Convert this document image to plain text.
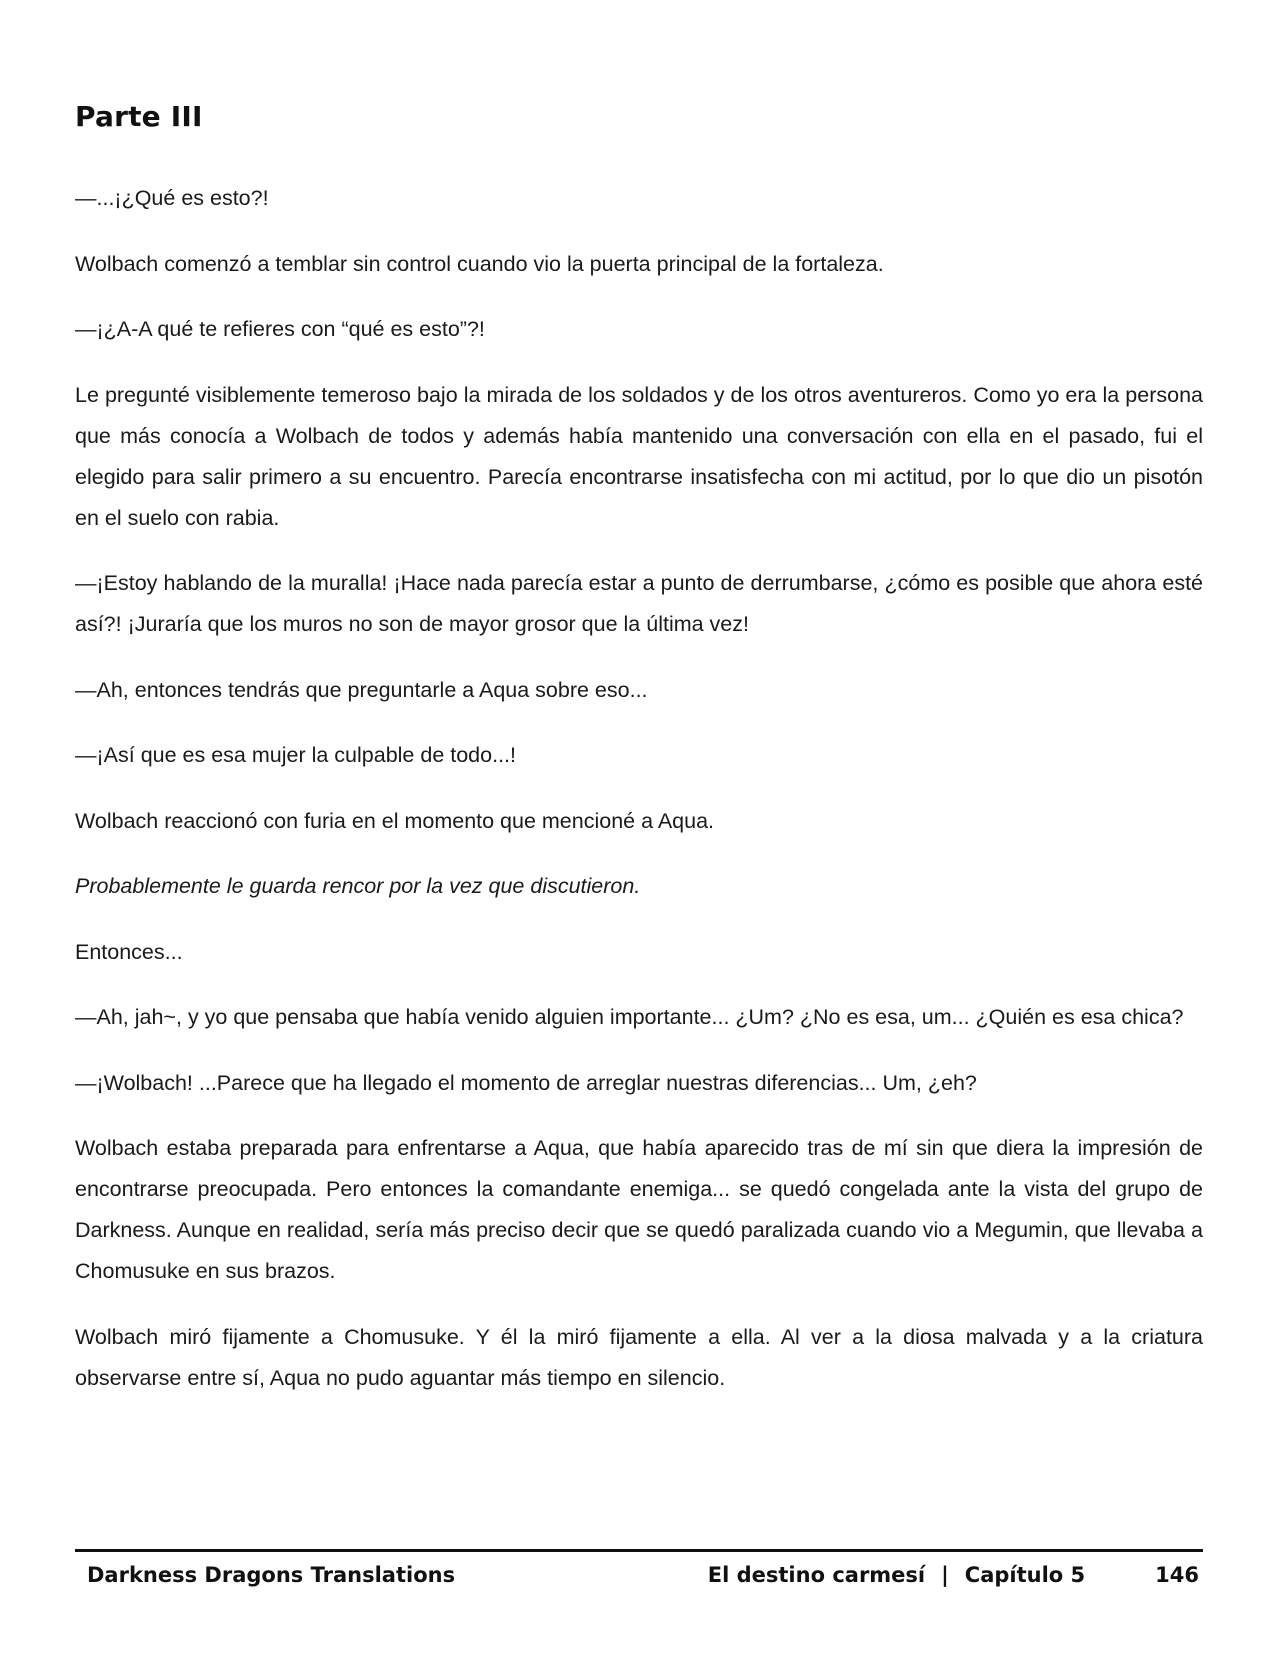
Parte III

—...¡¿Qué es esto?!

Wolbach comenzó a temblar sin control cuando vio la puerta principal de la fortaleza.

—¡¿A-A qué te refieres con “qué es esto”?!

Le pregunté visiblemente temeroso bajo la mirada de los soldados y de los otros aventureros. Como yo era la persona que más conocía a Wolbach de todos y además había mantenido una conversación con ella en el pasado, fui el elegido para salir primero a su encuentro. Parecía encontrarse insatisfecha con mi actitud, por lo que dio un pisotón en el suelo con rabia.

—¡Estoy hablando de la muralla! ¡Hace nada parecía estar a punto de derrumbarse, ¿cómo es posible que ahora esté así?! ¡Juraría que los muros no son de mayor grosor que la última vez!

—Ah, entonces tendrás que preguntarle a Aqua sobre eso...

—¡Así que es esa mujer la culpable de todo...!

Wolbach reaccionó con furia en el momento que mencioné a Aqua.

Probablemente le guarda rencor por la vez que discutieron.

Entonces...

—Ah, jah~, y yo que pensaba que había venido alguien importante... ¿Um? ¿No es esa, um... ¿Quién es esa chica?

—¡Wolbach! ...Parece que ha llegado el momento de arreglar nuestras diferencias... Um, ¿eh?

Wolbach estaba preparada para enfrentarse a Aqua, que había aparecido tras de mí sin que diera la impresión de encontrarse preocupada. Pero entonces la comandante enemiga... se quedó congelada ante la vista del grupo de Darkness. Aunque en realidad, sería más preciso decir que se quedó paralizada cuando vio a Megumin, que llevaba a Chomusuke en sus brazos.

Wolbach miró fijamente a Chomusuke. Y él la miró fijamente a ella. Al ver a la diosa malvada y a la criatura observarse entre sí, Aqua no pudo aguantar más tiempo en silencio.

Darkness Dragons Translations	El destino carmesí | Capítulo 5	146
